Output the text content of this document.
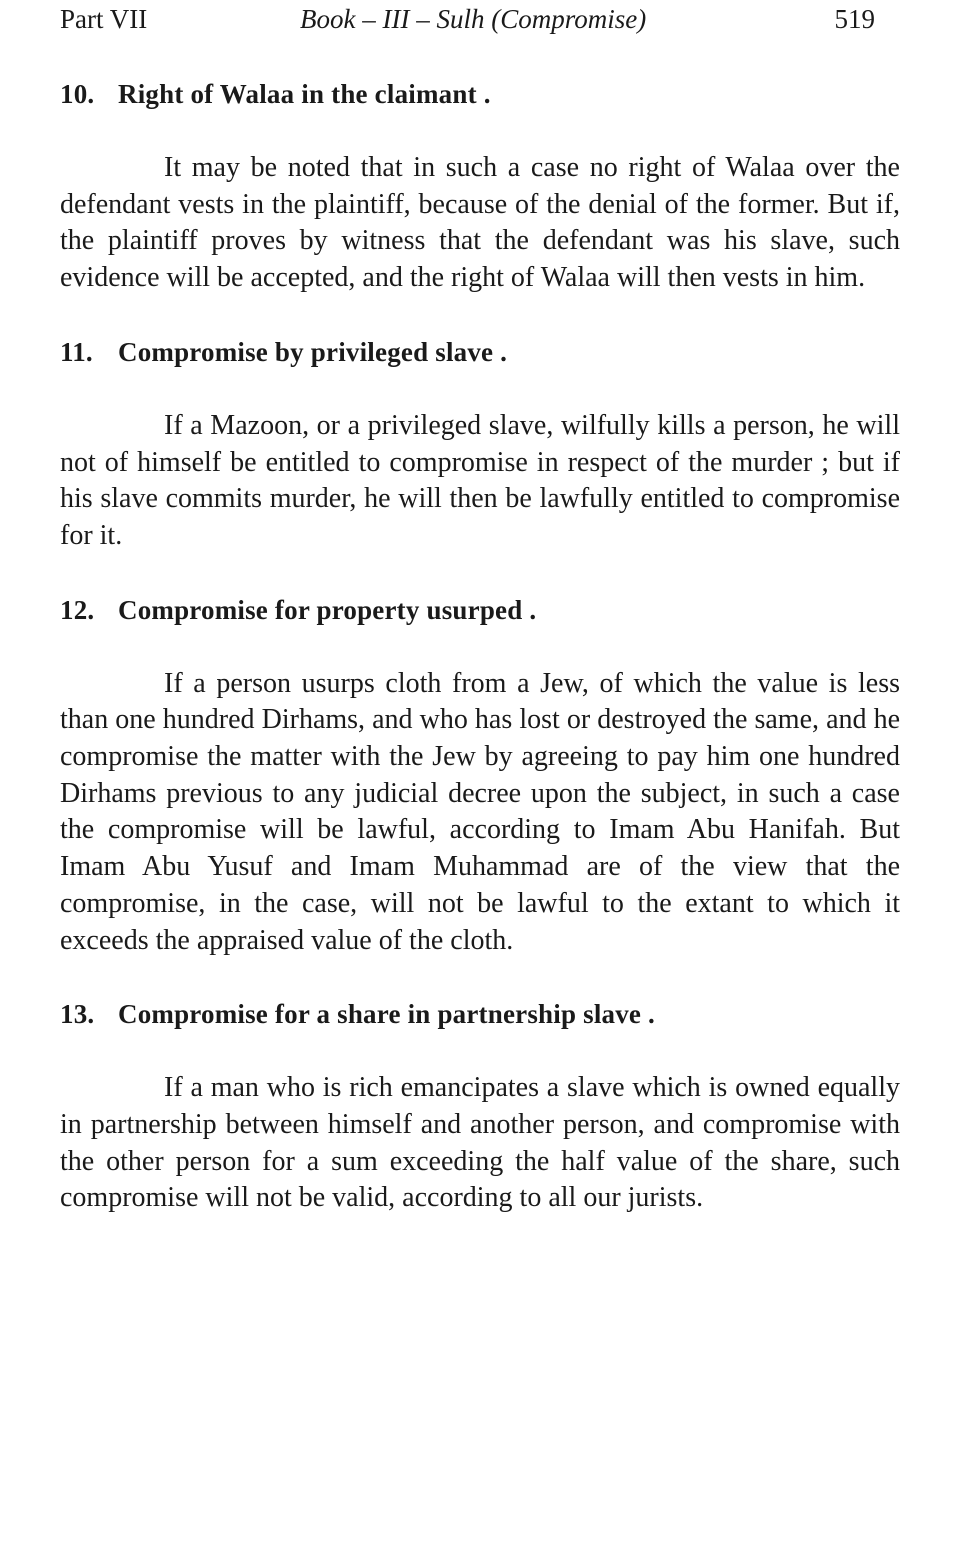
Part VII	Book – III – Sulh (Compromise)	519
10. Right of Walaa in the claimant .

It may be noted that in such a case no right of Walaa over the defendant vests in the plaintiff, because of the denial of the former. But if, the plaintiff proves by witness that the defendant was his slave, such evidence will be accepted, and the right of Walaa will then vests in him.

11. Compromise by privileged slave .

If a Mazoon, or a privileged slave, wilfully kills a person, he will not of himself be entitled to compromise in respect of the murder ; but if his slave commits murder, he will then be lawfully entitled to compromise for it.

12. Compromise for property usurped .

If a person usurps cloth from a Jew, of which the value is less than one hundred Dirhams, and who has lost or destroyed the same, and he compromise the matter with the Jew by agreeing to pay him one hundred Dirhams previous to any judicial decree upon the subject, in such a case the compromise will be lawful, according to Imam Abu Hanifah. But Imam Abu Yusuf and Imam Muhammad are of the view that the compromise, in the case, will not be lawful to the extant to which it exceeds the appraised value of the cloth.

13. Compromise for a share in partnership slave .

If a man who is rich emancipates a slave which is owned equally in partnership between himself and another person, and compromise with the other person for a sum exceeding the half value of the share, such compromise will not be valid, according to all our jurists.
